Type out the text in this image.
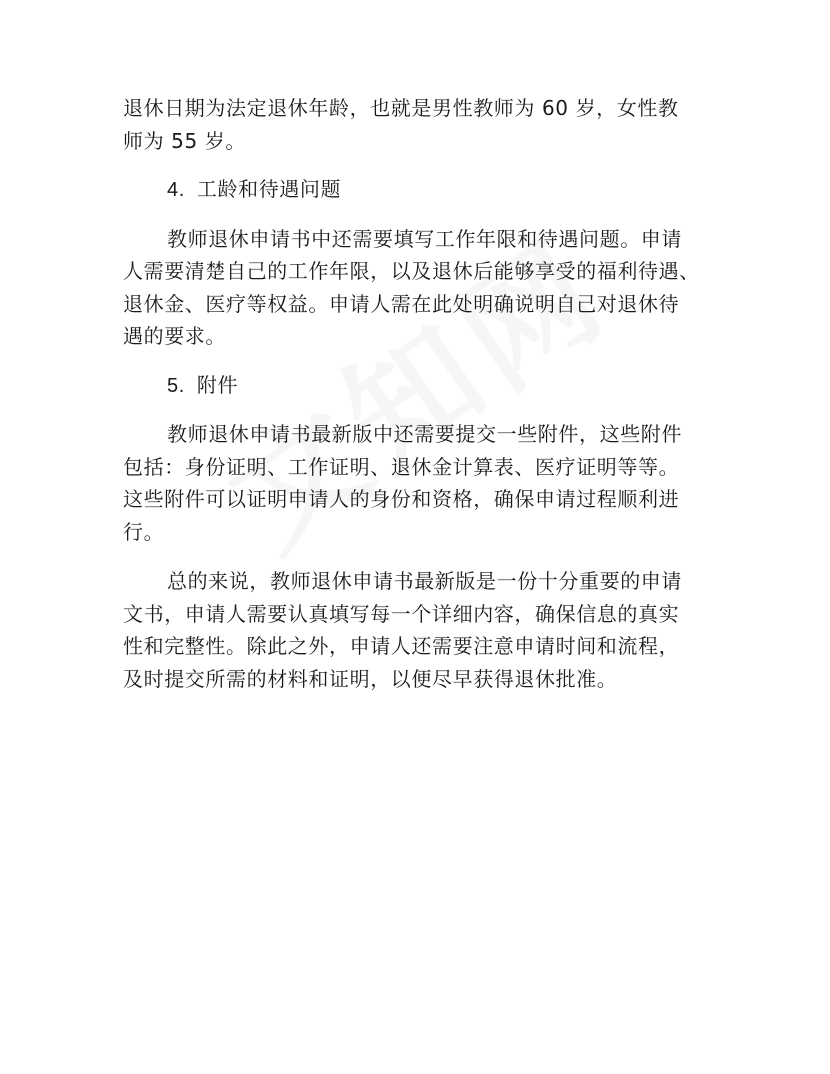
退休日期为法定退休年龄，也就是男性教师为 60 岁，女性教
师为 55 岁。

4. 工龄和待遇问题

教师退休申请书中还需要填写工作年限和待遇问题。申请
人需要清楚自己的工作年限，以及退休后能够享受的福利待遇、
退休金、医疗等权益。申请人需在此处明确说明自己对退休待
遇的要求。

5. 附件

教师退休申请书最新版中还需要提交一些附件，这些附件
包括：身份证明、工作证明、退休金计算表、医疗证明等等。
这些附件可以证明申请人的身份和资格，确保申请过程顺利进
行。

总的来说，教师退休申请书最新版是一份十分重要的申请
文书，申请人需要认真填写每一个详细内容，确保信息的真实
性和完整性。除此之外，申请人还需要注意申请时间和流程，
及时提交所需的材料和证明，以便尽早获得退休批准。
